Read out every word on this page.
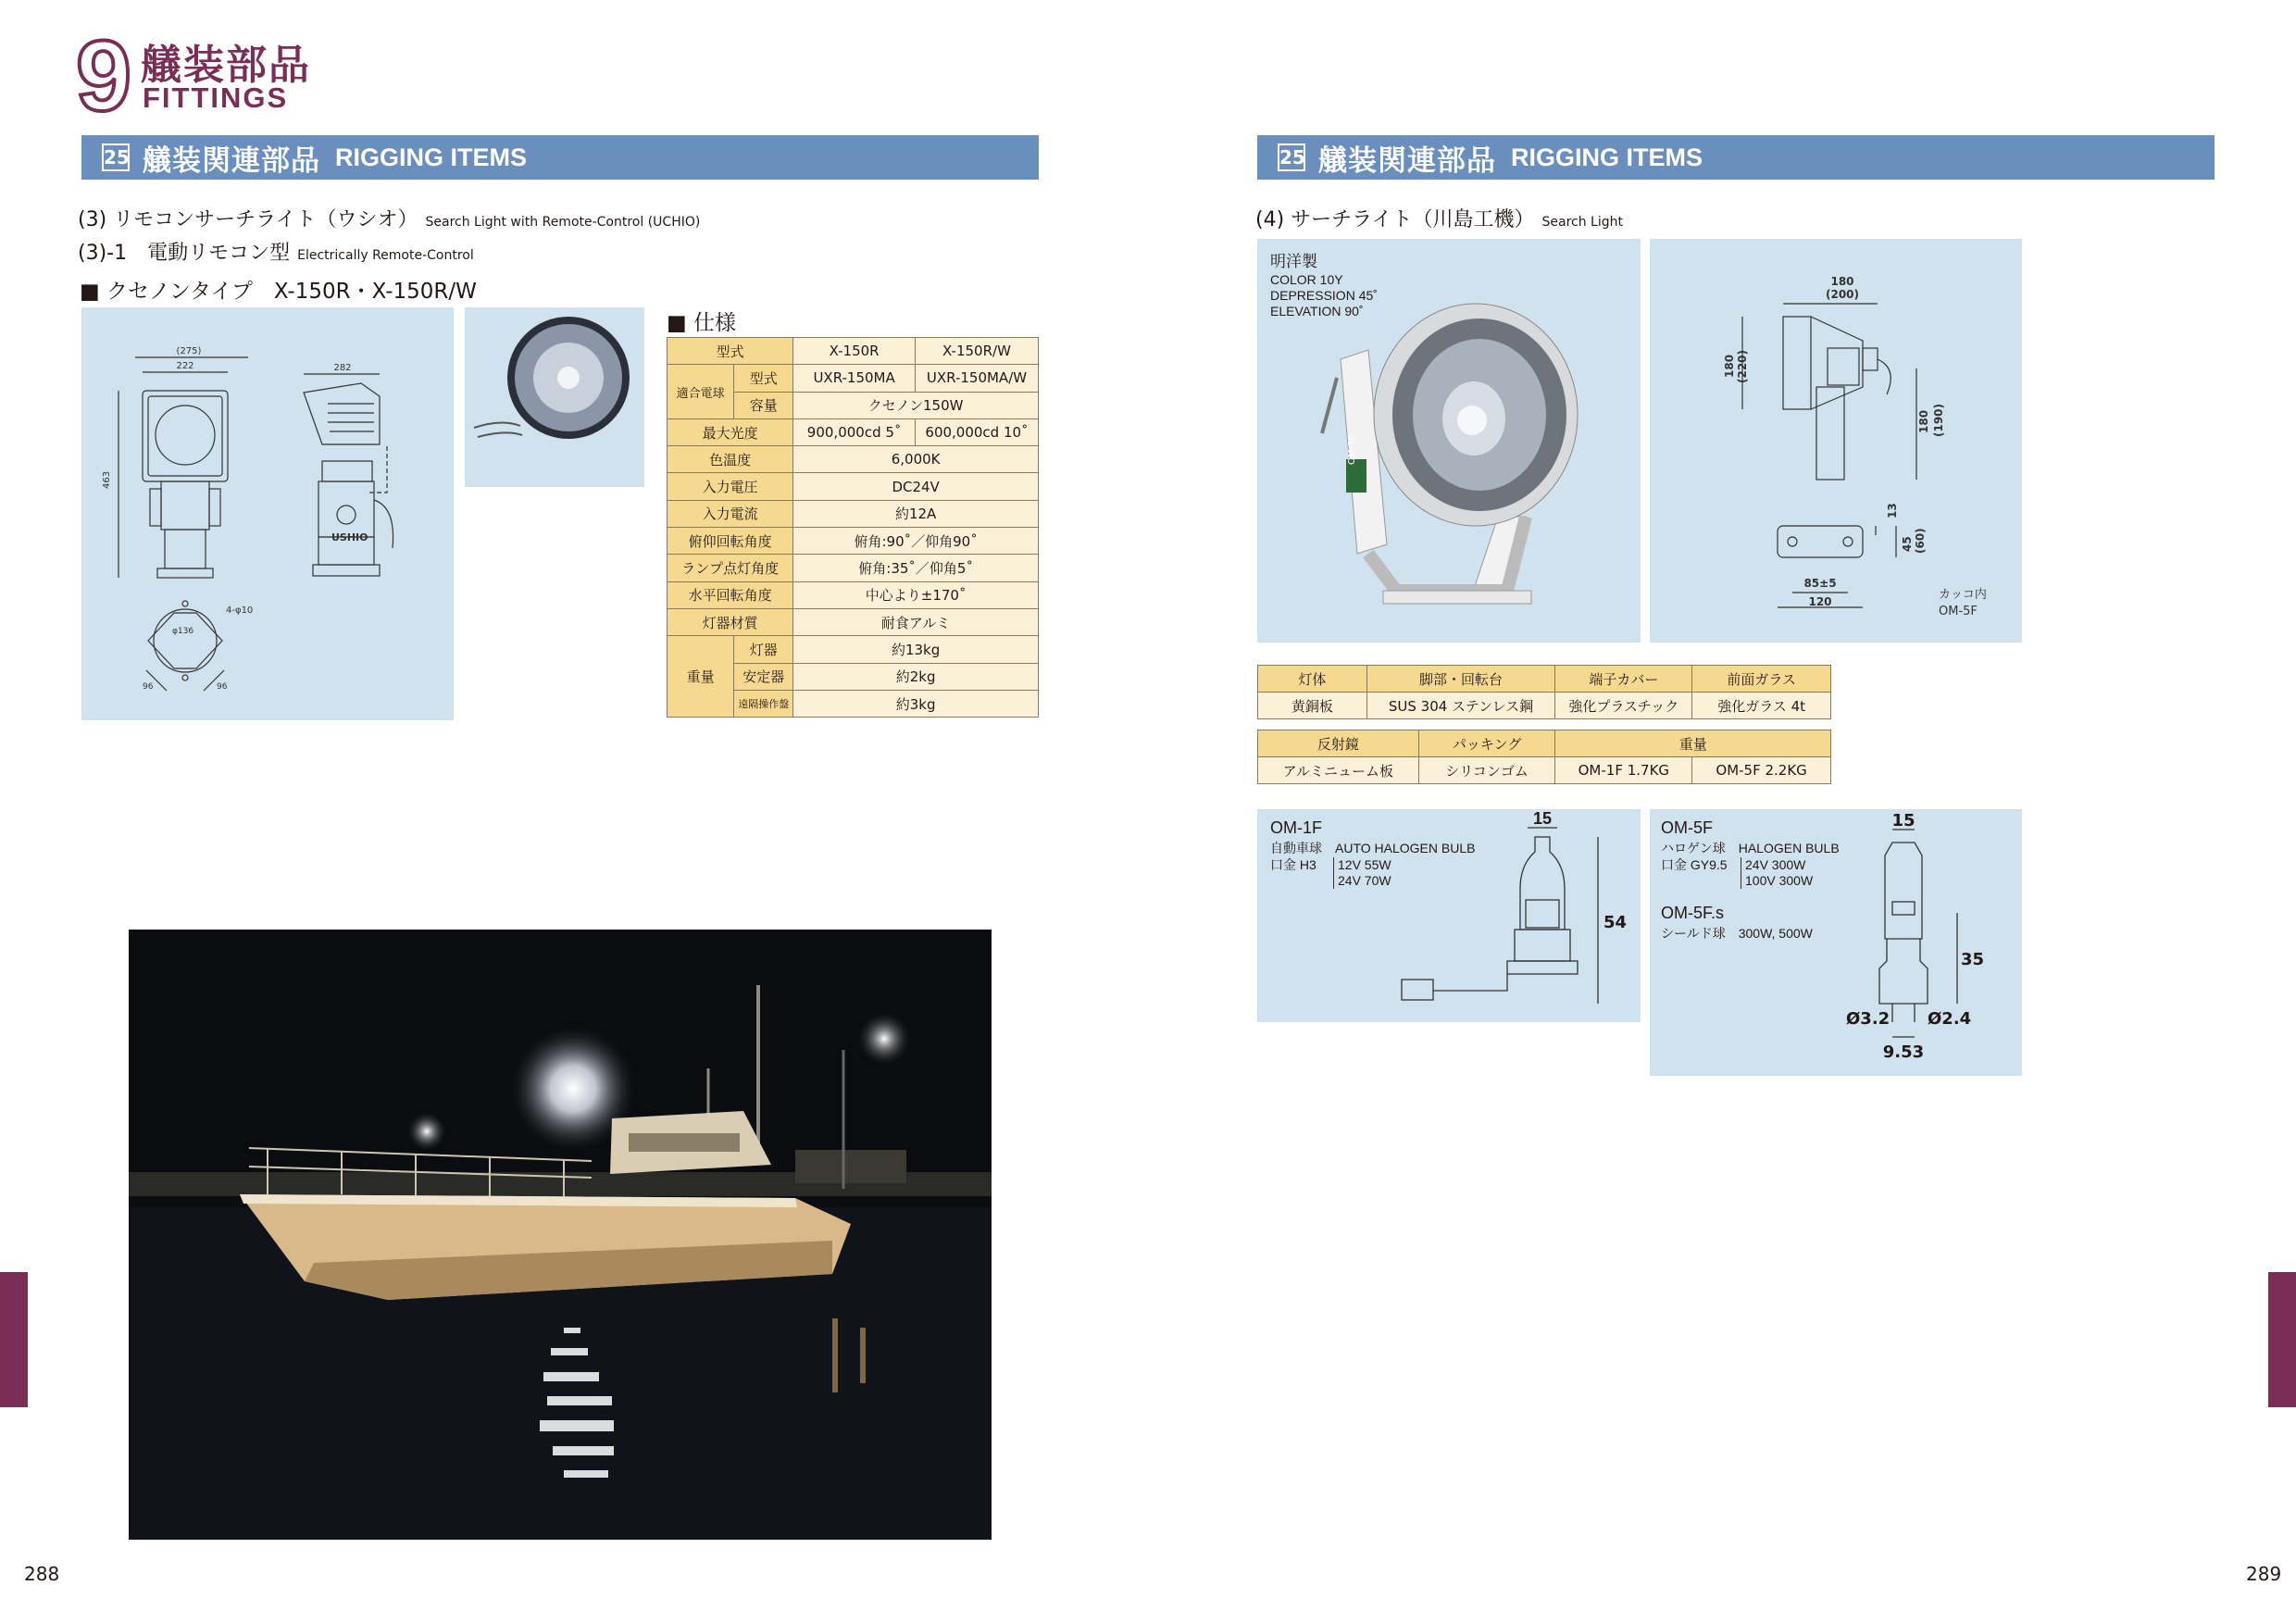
9 艤装部品
FITTINGS
25 艤装関連部品 RIGGING ITEMS
(3) リモコンサーチライト（ウシオ） Search Light with Remote-Control (UCHIO)
(3)-1　電動リモコン型 Electrically Remote-Control
■ クセノンタイプ　X-150R・X-150R/W
(275)
222	282
463
4-φ10
φ136
96	96
USHIO
■ 仕様
型式		X-150R	X-150R/W
適合電球	型式	UXR-150MA	UXR-150MA/W
	容量	クセノン150W	
最大光度		900,000cd 5˚	600,000cd 10˚
色温度		6,000K	
入力電圧		DC24V	
入力電流		約12A	
俯仰回転角度		俯角:90˚／仰角90˚	
ランプ点灯角度		俯角:35˚／仰角5˚	
水平回転角度		中心より±170˚	
灯器材質		耐食アルミ	
重量	灯器	約13kg	
	安定器	約2kg	
	遠隔操作盤	約3kg	
288
25 艤装関連部品 RIGGING ITEMS
(4) サーチライト（川島工機） Search Light
明洋製
COLOR 10Y
DEPRESSION 45˚
ELEVATION 90˚
OM-5F
180
(200)
180 (220)
180 (190)
13
45 (60)
85±5
120	カッコ内
OM-5F
灯体	脚部・回転台	端子カバー	前面ガラス
黄銅板	SUS 304 ステンレス鋼	強化プラスチック	強化ガラス 4t
反射鏡	パッキング	重量	
アルミニューム板	シリコンゴム	OM-1F 1.7KG	OM-5F 2.2KG
OM-1F
自動車球　 AUTO HALOGEN BULB
口金 H3 12V 55W
24V 70W
15
54
OM-5F
ハロゲン球　 HALOGEN BULB
口金 GY9.5 24V 300W
100V 300W
OM-5F.s
シールド球　300W, 500W
15
35
Ø3.2 Ø2.4
9.53
289
